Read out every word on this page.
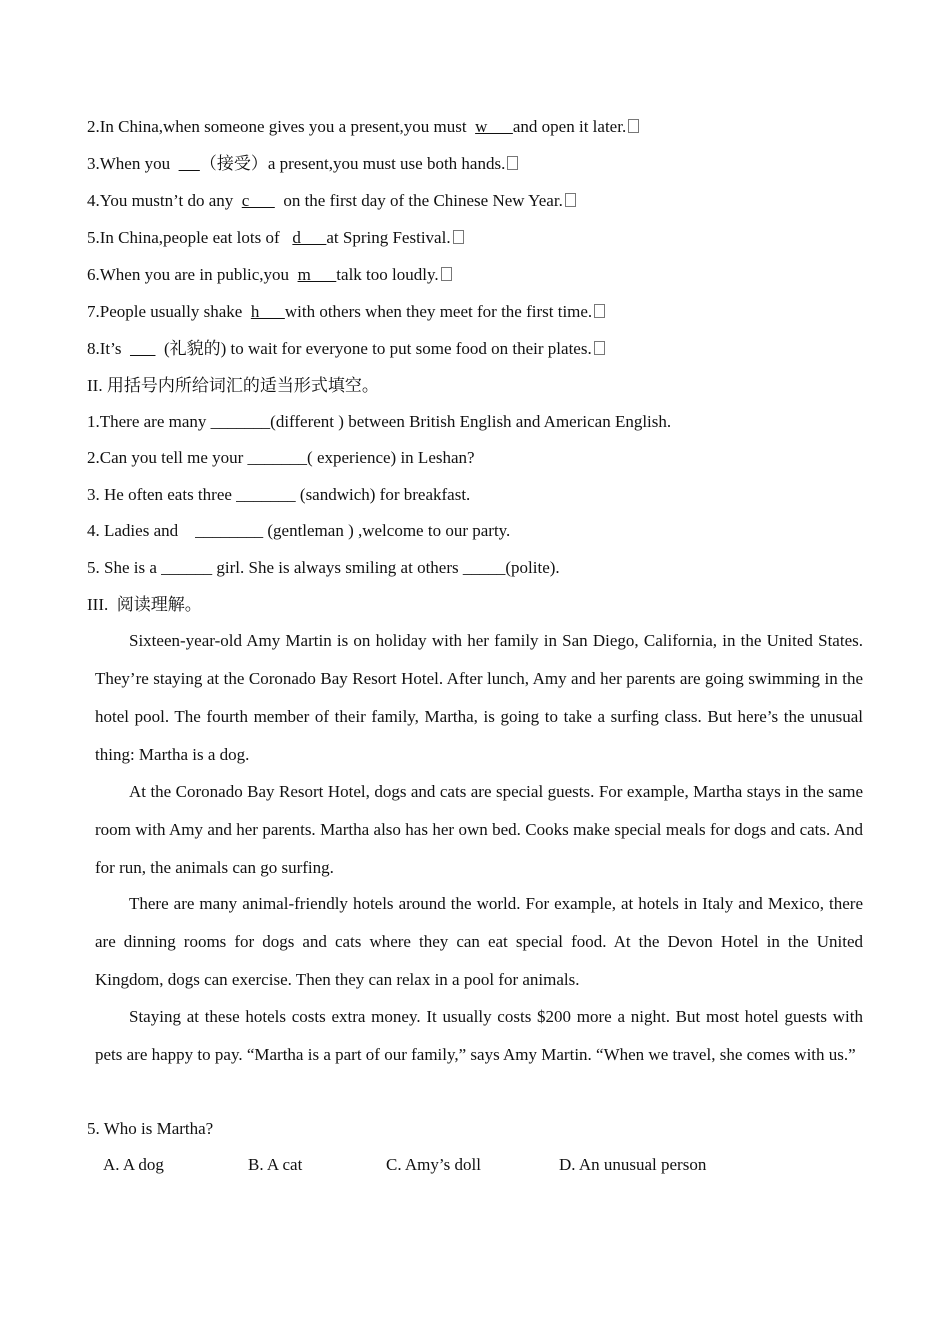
2.In China,when someone gives you a present,you must  w      and open it later.
3.When you       （接受）a present,you must use both hands.
4.You mustn’t do any  c        on the first day of the Chinese New Year.
5.In China,people eat lots of   d      at Spring Festival.
6.When you are in public,you  m      talk too loudly.
7.People usually shake  h      with others when they meet for the first time.
8.It’s          (礼貌的) to wait for everyone to put some food on their plates.
II. 用括号内所给词汇的适当形式填空。
1.There are many _______(different ) between British English and American English.
2.Can you tell me your _______( experience) in Leshan?
3. He often eats three _______ (sandwich) for breakfast.
4. Ladies and    ________ (gentleman ) ,welcome to our party.
5. She is a ______ girl. She is always smiling at others _____(polite).
III.  阅读理解。
Sixteen-year-old Amy Martin is on holiday with her family in San Diego, California, in the United States. They’re staying at the Coronado Bay Resort Hotel. After lunch, Amy and her parents are going swimming in the hotel pool. The fourth member of their family, Martha, is going to take a surfing class. But here’s the unusual thing: Martha is a dog.
At the Coronado Bay Resort Hotel, dogs and cats are special guests. For example, Martha stays in the same room with Amy and her parents. Martha also has her own bed. Cooks make special meals for dogs and cats. And for run, the animals can go surfing.
There are many animal-friendly hotels around the world. For example, at hotels in Italy and Mexico, there are dinning rooms for dogs and cats where they can eat special food. At the Devon Hotel in the United Kingdom, dogs can exercise. Then they can relax in a pool for animals.
Staying at these hotels costs extra money. It usually costs $200 more a night. But most hotel guests with pets are happy to pay. “Martha is a part of our family,” says Amy Martin. “When we travel, she comes with us.”
5. Who is Martha?
A. A dog	B. A cat	C. Amy’s doll	D. An unusual person
